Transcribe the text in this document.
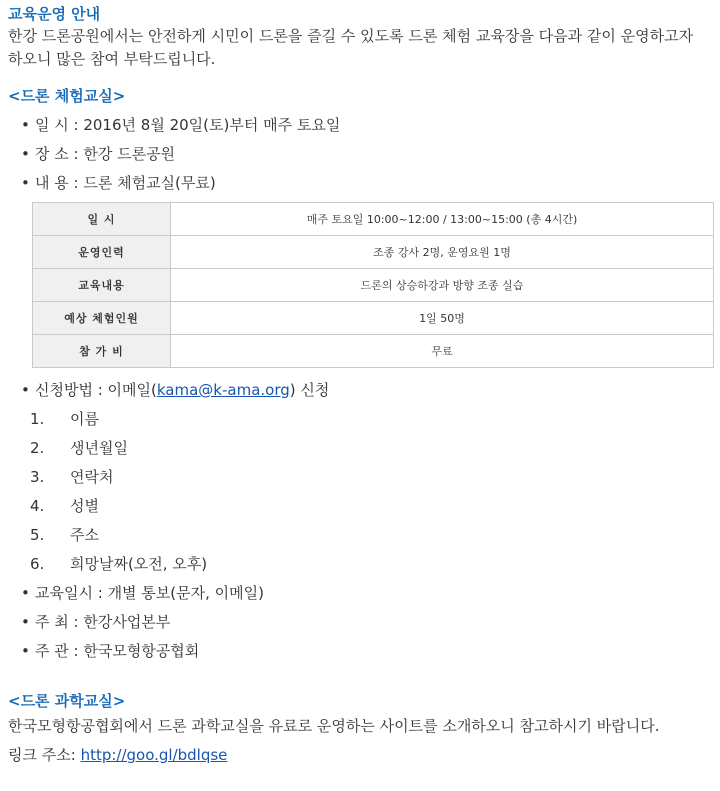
교육운영 안내

한강 드론공원에서는 안전하게 시민이 드론을 즐길 수 있도록 드론 체험 교육장을 다음과 같이 운영하고자 하오니 많은 참여 부탁드립니다.

<드론 체험교실>
• 일 시 : 2016년 8월 20일(토)부터 매주 토요일
• 장 소 : 한강 드론공원
• 내 용 : 드론 체험교실(무료)
일 시	매주 토요일 10:00~12:00 / 13:00~15:00 (총 4시간)
운영인력	조종 강사 2명, 운영요원 1명
교육내용	드론의 상승하강과 방향 조종 실습
예상 체험인원	1일 50명
참 가 비	무료
• 신청방법 : 이메일(kama@k-ama.org) 신청
1. 이름
2. 생년월일
3. 연락처
4. 성별
5. 주소
6. 희망날짜(오전, 오후)
• 교육일시 : 개별 통보(문자, 이메일)
• 주 최 : 한강사업본부
• 주 관 : 한국모형항공협회
<드론 과학교실>

한국모형항공협회에서 드론 과학교실을 유료로 운영하는 사이트를 소개하오니 참고하시기 바랍니다.

링크 주소: http://goo.gl/bdlqse
